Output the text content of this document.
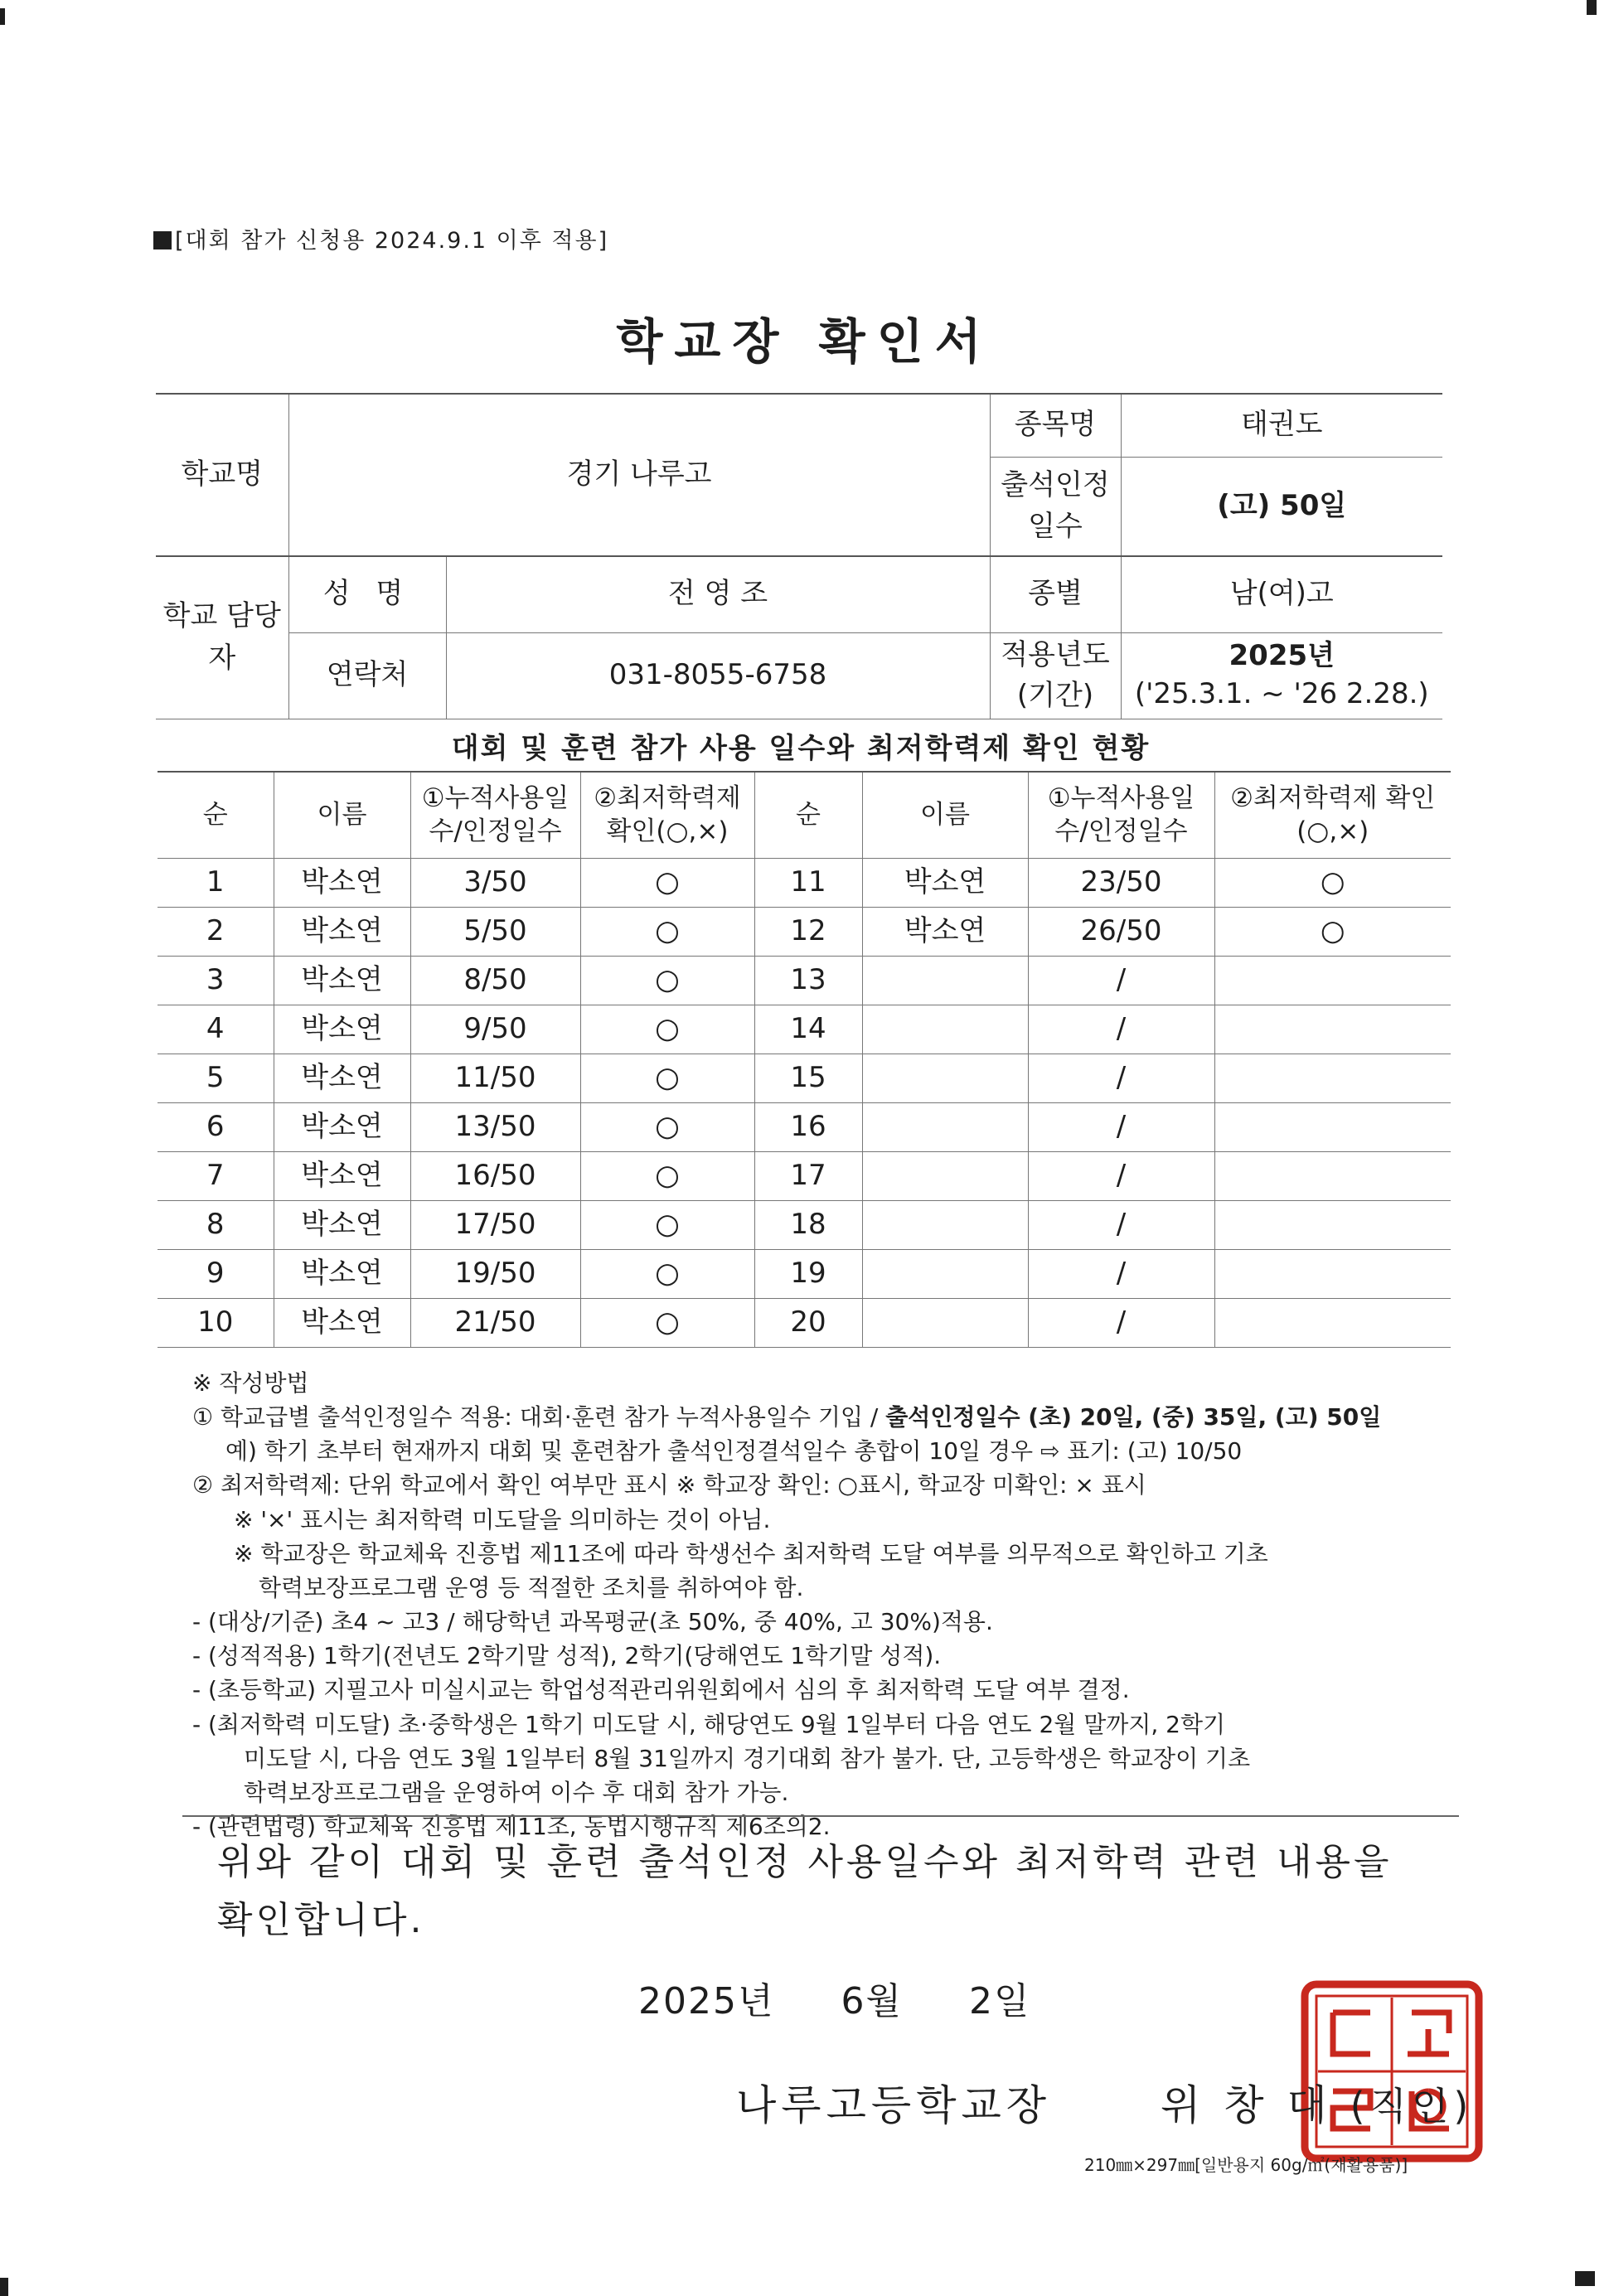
[대회 참가 신청용 2024.9.1 이후 적용]
학교장 확인서
학교명	경기 나루고		종목명	태권도
			출석인정 일수	(고) 50일
학교 담당자	성 명	전 영 조	종별	남(여)고
	연락처	031-8055-6758	적용년도 (기간)	2025년
('25.3.1. ~ '26 2.28.)
대회 및 훈련 참가 사용 일수와 최저학력제 확인 현황
순	이름	①누적사용일수/인정일수	②최저학력제 확인(○,×)	순	이름	①누적사용일수/인정일수	②최저학력제 확인(○,×)
1	박소연	3/50	○	11	박소연	23/50	○
2	박소연	5/50	○	12	박소연	26/50	○
3	박소연	8/50	○	13		/	
4	박소연	9/50	○	14		/	
5	박소연	11/50	○	15		/	
6	박소연	13/50	○	16		/	
7	박소연	16/50	○	17		/	
8	박소연	17/50	○	18		/	
9	박소연	19/50	○	19		/	
10	박소연	21/50	○	20		/	

※ 작성방법

① 학교급별 출석인정일수 적용: 대회·훈련 참가 누적사용일수 기입 / 출석인정일수 (초) 20일, (중) 35일, (고) 50일

예) 학기 초부터 현재까지 대회 및 훈련참가 출석인정결석일수 총합이 10일 경우 ⇨ 표기: (고) 10/50

② 최저학력제: 단위 학교에서 확인 여부만 표시 ※ 학교장 확인: ○표시, 학교장 미확인: × 표시

※ '×' 표시는 최저학력 미도달을 의미하는 것이 아님.

※ 학교장은 학교체육 진흥법 제11조에 따라 학생선수 최저학력 도달 여부를 의무적으로 확인하고 기초

학력보장프로그램 운영 등 적절한 조치를 취하여야 함.

- (대상/기준) 초4 ~ 고3 / 해당학년 과목평균(초 50%, 중 40%, 고 30%)적용.

- (성적적용) 1학기(전년도 2학기말 성적), 2학기(당해연도 1학기말 성적).

- (초등학교) 지필고사 미실시교는 학업성적관리위원회에서 심의 후 최저학력 도달 여부 결정.

- (최저학력 미도달) 초·중학생은 1학기 미도달 시, 해당연도 9월 1일부터 다음 연도 2월 말까지, 2학기

미도달 시, 다음 연도 3월 1일부터 8월 31일까지 경기대회 참가 불가. 단, 고등학생은 학교장이 기초

학력보장프로그램을 운영하여 이수 후 대회 참가 가능.

- (관련법령) 학교체육 진흥법 제11조, 동법시행규칙 제6조의2.

위와 같이 대회 및 훈련 출석인정 사용일수와 최저학력 관련 내용을 확인합니다.
2025년 6월 2일
나루고등학교장	위 창 대 (직인)
210㎜×297㎜[일반용지 60g/㎡(재활용품)]
